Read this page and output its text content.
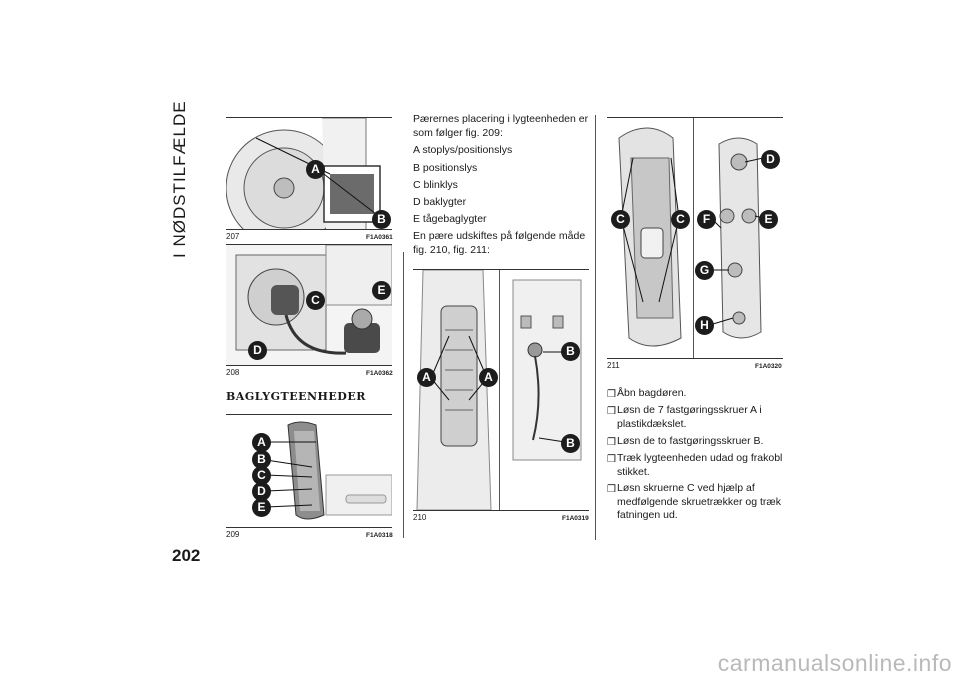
I NØDSTILFÆLDE	A
B
207	F1A0361
C
E
D
208	F1A0362
BAGLYGTEENHEDER
A
B
C
D
E
209	F1A0318
Pærernes placering i lygteenheden er som følger fig. 209:
A stoplys/positionslys
B positionslys
C blinklys
D baklygter
E tågebaglygter
En pære udskiftes på følgende måde fig. 210, fig. 211:
A	A
B
B
210	F1A0319
D
C	C	F	E
G
H
211	F1A0320
❒ Åbn bagdøren.
❒ Løsn de 7 fastgøringsskruer A i plastikdækslet.
❒ Løsn de to fastgøringsskruer B.
❒ Træk lygteenheden udad og frakobl stikket.
❒ Løsn skruerne C ved hjælp af medfølgende skruetrækker og træk fatningen ud.
202
carmanualsonline.info
